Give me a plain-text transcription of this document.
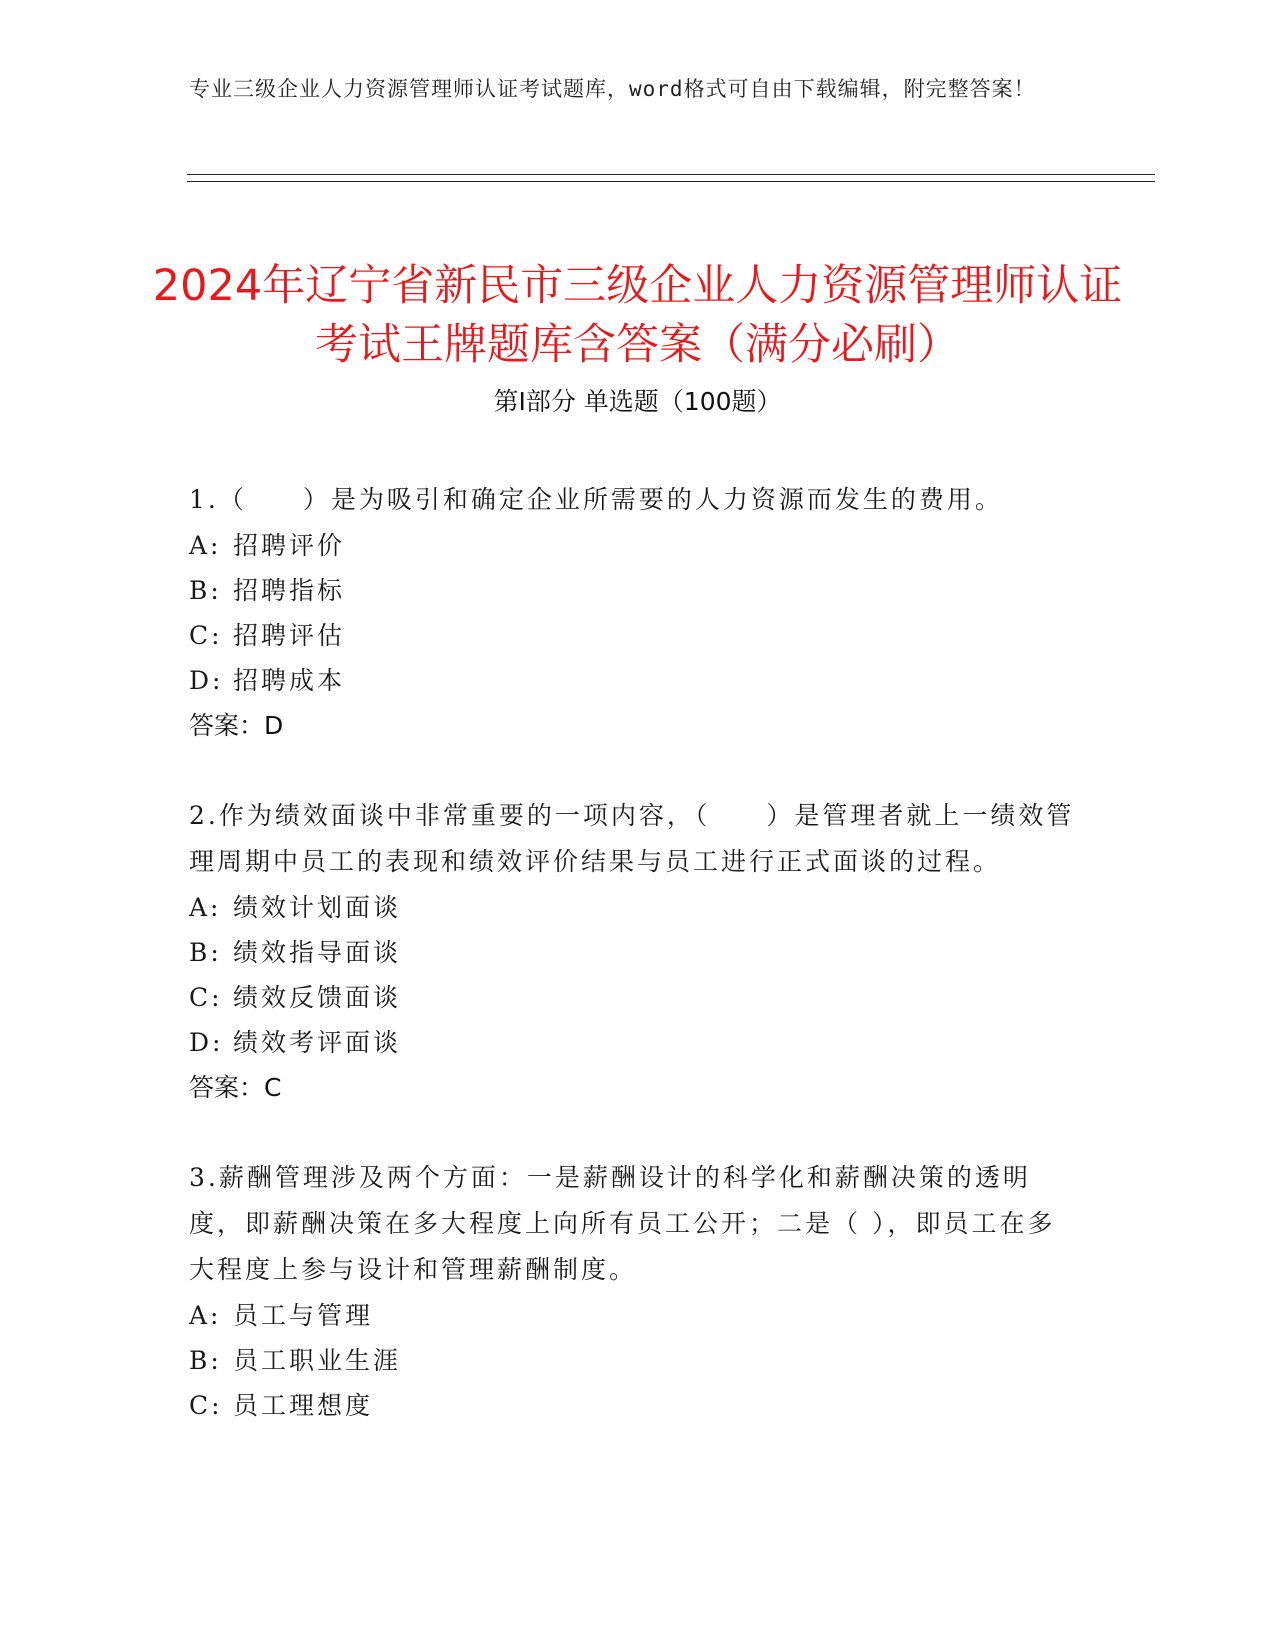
专业三级企业人力资源管理师认证考试题库，word格式可自由下载编辑，附完整答案！
2024年辽宁省新民市三级企业人力资源管理师认证考试王牌题库含答案（满分必刷）
第Ⅰ部分 单选题（100题）
1.（　　）是为吸引和确定企业所需要的人力资源而发生的费用。
A: 招聘评价
B: 招聘指标
C: 招聘评估
D: 招聘成本
答案：D
2.作为绩效面谈中非常重要的一项内容，（　　）是管理者就上一绩效管理周期中员工的表现和绩效评价结果与员工进行正式面谈的过程。
A: 绩效计划面谈
B: 绩效指导面谈
C: 绩效反馈面谈
D: 绩效考评面谈
答案：C
3.薪酬管理涉及两个方面：一是薪酬设计的科学化和薪酬决策的透明度，即薪酬决策在多大程度上向所有员工公开；二是（ ），即员工在多大程度上参与设计和管理薪酬制度。
A: 员工与管理
B: 员工职业生涯
C: 员工理想度
